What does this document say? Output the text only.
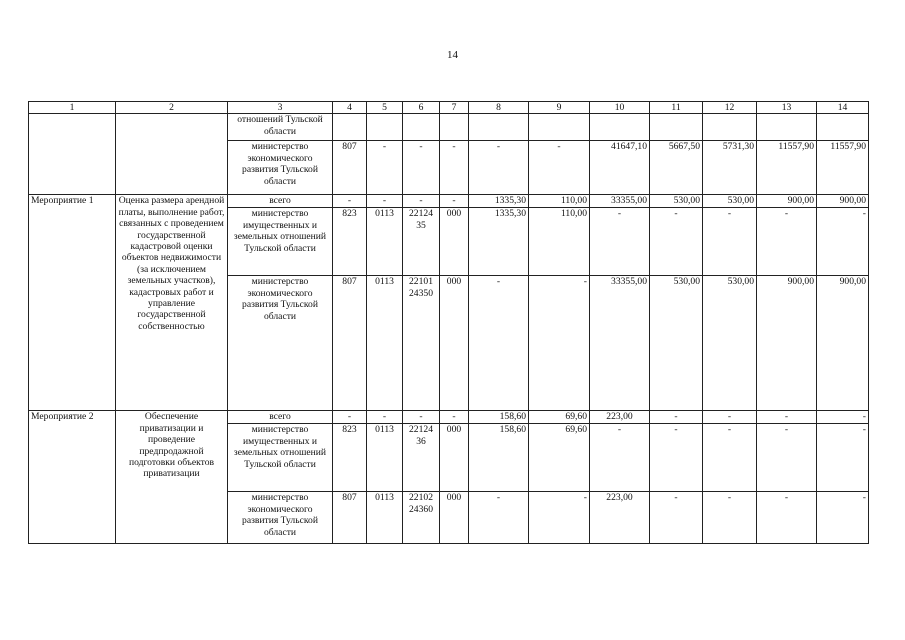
14
1	2	3	4	5	6	7	8	9	10	11	12	13	14
		отношений Тульской области											
		министерство экономического развития Тульской области	807	-	-	-	-	-	41647,10	5667,50	5731,30	11557,90	11557,90
Мероприятие 1	Оценка размера арендной платы, выполнение работ, связанных с проведением государственной кадастровой оценки объектов недвижимости (за исключением земельных участков), кадастровых работ и управление государственной собственностью	всего	-	-	-	-	1335,30	110,00	33355,00	530,00	530,00	900,00	900,00
		министерство имущественных и земельных отношений Тульской области	823	0113	22124 35	000	1335,30	110,00	-	-	-	-	-
		министерство экономического развития Тульской области	807	0113	22101 24350	000	-	-	33355,00	530,00	530,00	900,00	900,00
Мероприятие 2	Обеспечение приватизации и проведение предпродажной подготовки объектов приватизации	всего	-	-	-	-	158,60	69,60	223,00	-	-	-	-
		министерство имущественных и земельных отношений Тульской области	823	0113	22124 36	000	158,60	69,60	-	-	-	-	-
		министерство экономического развития Тульской области	807	0113	22102 24360	000	-	-	223,00	-	-	-	-
